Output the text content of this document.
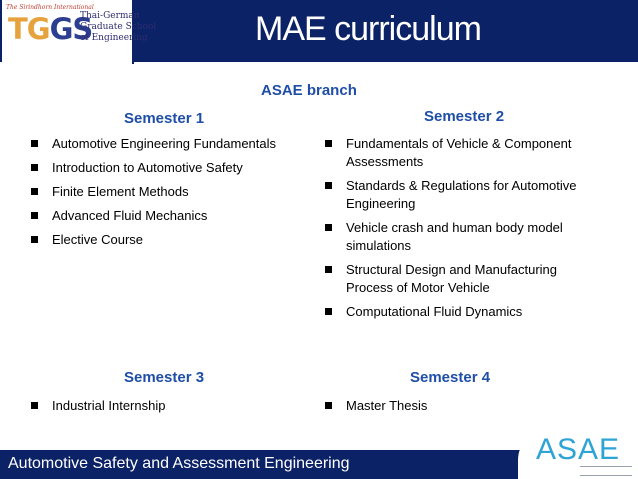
The Sirindhorn International
TGGS
Thai-German
Graduate School
of Engineering	MAE curriculum
ASAE branch
Semester 1
Automotive Engineering Fundamentals
Introduction to Automotive Safety
Finite Element Methods
Advanced Fluid Mechanics
Elective Course
Semester 2
Fundamentals of Vehicle & Component Assessments
Standards & Regulations for Automotive Engineering
Vehicle crash and human body model simulations
Structural Design and Manufacturing Process of Motor Vehicle
Computational Fluid Dynamics
Semester 3
Industrial Internship
Semester 4
Master Thesis
Automotive Safety and Assessment Engineering	ASAE
